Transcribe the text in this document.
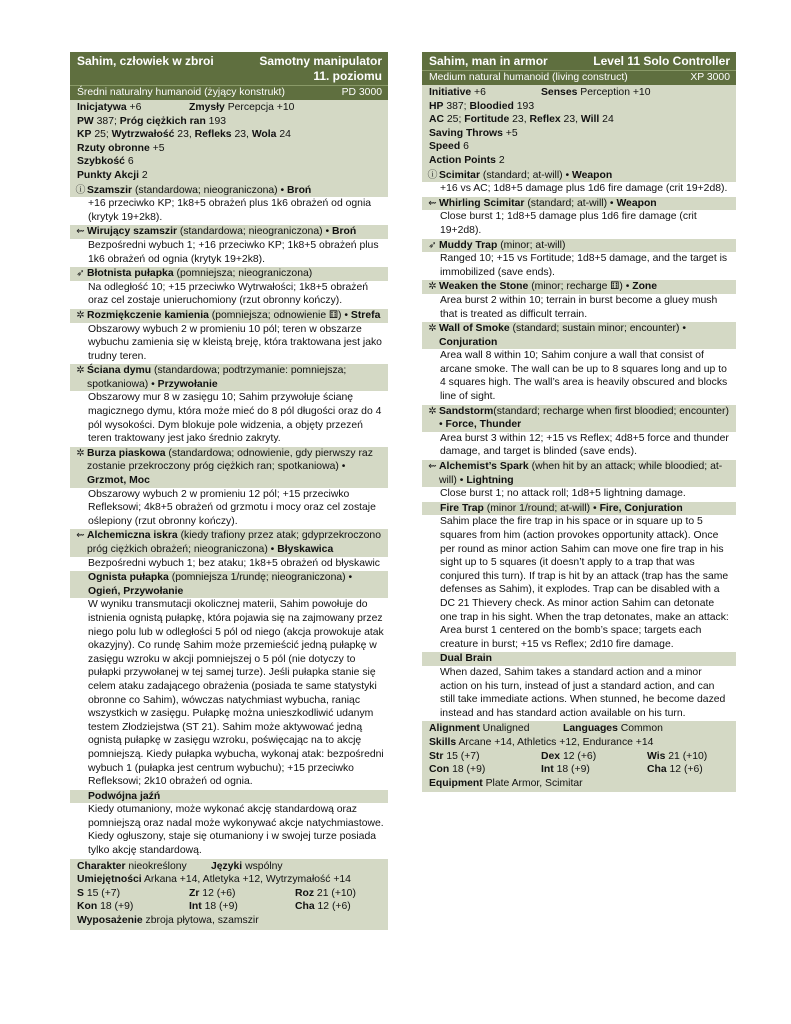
Sahim, człowiek w zbroi	Samotny manipulator
11. poziomu
Średni naturalny humanoid (żyjący konstrukt)	PD 3000
Inicjatywa +6	Zmysły Percepcja +10
PW 387; Próg ciężkich ran 193
KP 25; Wytrzwałość 23, Refleks 23, Wola 24
Rzuty obronne +5
Szybkość 6
Punkty Akcji 2
ⓘ Szamszir (standardowa; nieograniczona) • Broń
+16 przeciwko KP; 1k8+5 obrażeń plus 1k6 obrażeń od ognia (krytyk 19+2k8).
⇜ Wirujący szamszir (standardowa; nieograniczona) • Broń
Bezpośredni wybuch 1; +16 przeciwko KP; 1k8+5 obrażeń plus 1k6 obrażeń od ognia (krytyk 19+2k8).
➶ Błotnista pułapka (pomniejsza; nieograniczona)
Na odległość 10; +15 przeciwko Wytrwałości; 1k8+5 obrażeń oraz cel zostaje unieruchomiony (rzut obronny kończy).
✲ Rozmiękczenie kamienia (pomniejsza; odnowienie ⚅) • Strefa
Obszarowy wybuch 2 w promieniu 10 pól; teren w obszarze wybuchu zamienia się w kleistą breję, która traktowana jest jako trudny teren.
✲ Ściana dymu (standardowa; podtrzymanie: pomniejsza; spotkaniowa) • Przywołanie
Obszarowy mur 8 w zasięgu 10; Sahim przywołuje ścianę magicznego dymu, która może mieć do 8 pól długości oraz do 4 pól wysokości. Dym blokuje pole widzenia, a objęty przezeń teren traktowany jest jako średnio zakryty.
✲ Burza piaskowa (standardowa; odnowienie, gdy pierwszy raz zostanie przekroczony próg ciężkich ran; spotkaniowa) • Grzmot, Moc
Obszarowy wybuch 2 w promieniu 12 pól; +15 przeciwko Refleksowi; 4k8+5 obrażeń od grzmotu i mocy oraz cel zostaje oślepiony (rzut obronny kończy).
⇜ Alchemiczna iskra (kiedy trafiony przez atak; gdyprzekroczono próg ciężkich obrażeń; nieograniczona) • Błyskawica
Bezpośredni wybuch 1; bez ataku; 1k8+5 obrażeń od błyskawic
Ognista pułapka (pomniejsza 1/rundę; nieograniczona) • Ogień, Przywołanie
W wyniku transmutacji okolicznej materii, Sahim powołuje do istnienia ognistą pułapkę, która pojawia się na zajmowany przez niego polu lub w odległości 5 pól od niego (akcja prowokuje atak okazyjny). Co rundę Sahim może przemieścić jedną pułapkę w zasięgu wzroku w akcji pomniejszej o 5 pól (nie dotyczy to pułapki przywołanej w tej samej turze). Jeśli pułapka stanie się celem ataku zadającego obrażenia (posiada te same statystyki obronne co Sahim), wówczas natychmiast wybucha, raniąc wszystkich w zasięgu. Pułapkę można unieszkodliwić udanym testem Złodziejstwa (ST 21). Sahim może aktywować jedną ognistą pułapkę w zasięgu wzroku, poświęcając na to akcję pomniejszą. Kiedy pułapka wybucha, wykonaj atak: bezpośredni wybuch 1 (pułapka jest centrum wybuchu); +15 przeciwko Refleksowi; 2k10 obrażeń od ognia.
Podwójna jaźń
Kiedy otumaniony, może wykonać akcję standardową oraz pomniejszą oraz nadal może wykonywać akcje natychmiastowe. Kiedy ogłuszony, staje się otumaniony i w swojej turze posiada tylko akcję standardową.
Charakter nieokreślony	Języki wspólny
Umiejętności Arkana +14, Atletyka +12, Wytrzymałość +14
S 15 (+7)	Zr 12 (+6)	Roz 21 (+10)
Kon 18 (+9)	Int 18 (+9)	Cha 12 (+6)
Wyposażenie zbroja płytowa, szamszir
Sahim, man in armor	Level 11 Solo Controller
Medium natural humanoid (living construct)	XP 3000
Initiative +6	Senses Perception +10
HP 387; Bloodied 193
AC 25; Fortitude 23, Reflex 23, Will 24
Saving Throws +5
Speed 6
Action Points 2
ⓘ Scimitar (standard; at-will) • Weapon
+16 vs AC; 1d8+5 damage plus 1d6 fire damage (crit 19+2d8).
⇜ Whirling Scimitar (standard; at-will) • Weapon
Close burst 1; 1d8+5 damage plus 1d6 fire damage (crit 19+2d8).
➶ Muddy Trap (minor; at-will)
Ranged 10; +15 vs Fortitude; 1d8+5 damage, and the target is immobilized (save ends).
✲ Weaken the Stone (minor; recharge ⚅) • Zone
Area burst 2 within 10; terrain in burst become a gluey mush that is treated as difficult terrain.
✲ Wall of Smoke (standard; sustain minor; encounter) • Conjuration
Area wall 8 within 10; Sahim conjure a wall that consist of arcane smoke. The wall can be up to 8 squares long and up to 4 squares high. The wall’s area is heavily obscured and blocks line of sight.
✲ Sandstorm(standard; recharge when first bloodied; encounter) • Force, Thunder
Area burst 3 within 12; +15 vs Reflex; 4d8+5 force and thunder damage, and target is blinded (save ends).
⇜ Alchemist’s Spark (when hit by an attack; while bloodied; at-will) • Lightning
Close burst 1; no attack roll; 1d8+5 lightning damage.
Fire Trap (minor 1/round; at-will) • Fire, Conjuration
Sahim place the fire trap in his space or in square up to 5 squares from him (action provokes opportunity attack). Once per round as minor action Sahim can move one fire trap in his sight up to 5 squares (it doesn’t apply to a trap that was conjured this turn). If trap is hit by an attack (trap has the same defenses as Sahim), it explodes. Trap can be disabled with a DC 21 Thievery check. As minor action Sahim can detonate one trap in his sight. When the trap detonates, make an attack: Area burst 1 centered on the bomb’s space; targets each creature in burst; +15 vs Reflex; 2d10 fire damage.
Dual Brain
When dazed, Sahim takes a standard action and a minor action on his turn, instead of just a standard action, and can still take immediate actions. When stunned, he become dazed instead and has standard action available on his turn.
Alignment Unaligned	Languages Common
Skills Arcane +14, Athletics +12, Endurance +14
Str 15 (+7)	Dex 12 (+6)	Wis 21 (+10)
Con 18 (+9)	Int 18 (+9)	Cha 12 (+6)
Equipment Plate Armor, Scimitar
